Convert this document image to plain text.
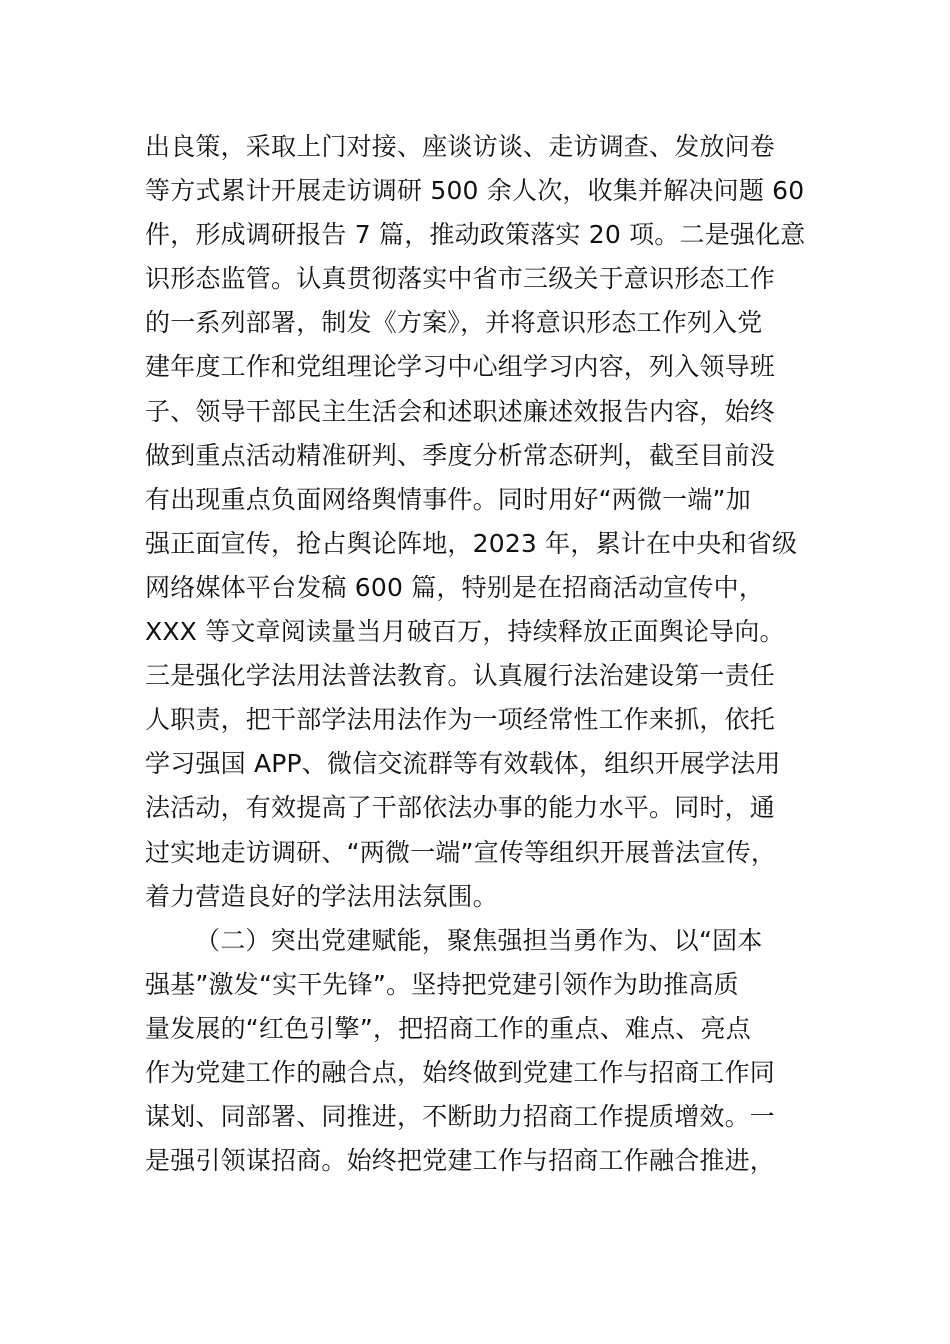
出良策，采取上门对接、座谈访谈、走访调查、发放问卷
等方式累计开展走访调研 500 余人次，收集并解决问题 60
件，形成调研报告 7 篇，推动政策落实 20 项。二是强化意
识形态监管。认真贯彻落实中省市三级关于意识形态工作
的一系列部署，制发《方案》，并将意识形态工作列入党
建年度工作和党组理论学习中心组学习内容，列入领导班
子、领导干部民主生活会和述职述廉述效报告内容，始终
做到重点活动精准研判、季度分析常态研判，截至目前没
有出现重点负面网络舆情事件。同时用好“两微一端”加
强正面宣传，抢占舆论阵地，2023 年，累计在中央和省级
网络媒体平台发稿 600 篇，特别是在招商活动宣传中，
XXX 等文章阅读量当月破百万，持续释放正面舆论导向。
三是强化学法用法普法教育。认真履行法治建设第一责任
人职责，把干部学法用法作为一项经常性工作来抓，依托
学习强国 APP、微信交流群等有效载体，组织开展学法用
法活动，有效提高了干部依法办事的能力水平。同时，通
过实地走访调研、“两微一端”宣传等组织开展普法宣传，
着力营造良好的学法用法氛围。
（二）突出党建赋能，聚焦强担当勇作为、以“固本
强基”激发“实干先锋”。坚持把党建引领作为助推高质
量发展的“红色引擎”，把招商工作的重点、难点、亮点
作为党建工作的融合点，始终做到党建工作与招商工作同
谋划、同部署、同推进，不断助力招商工作提质增效。一
是强引领谋招商。始终把党建工作与招商工作融合推进，
